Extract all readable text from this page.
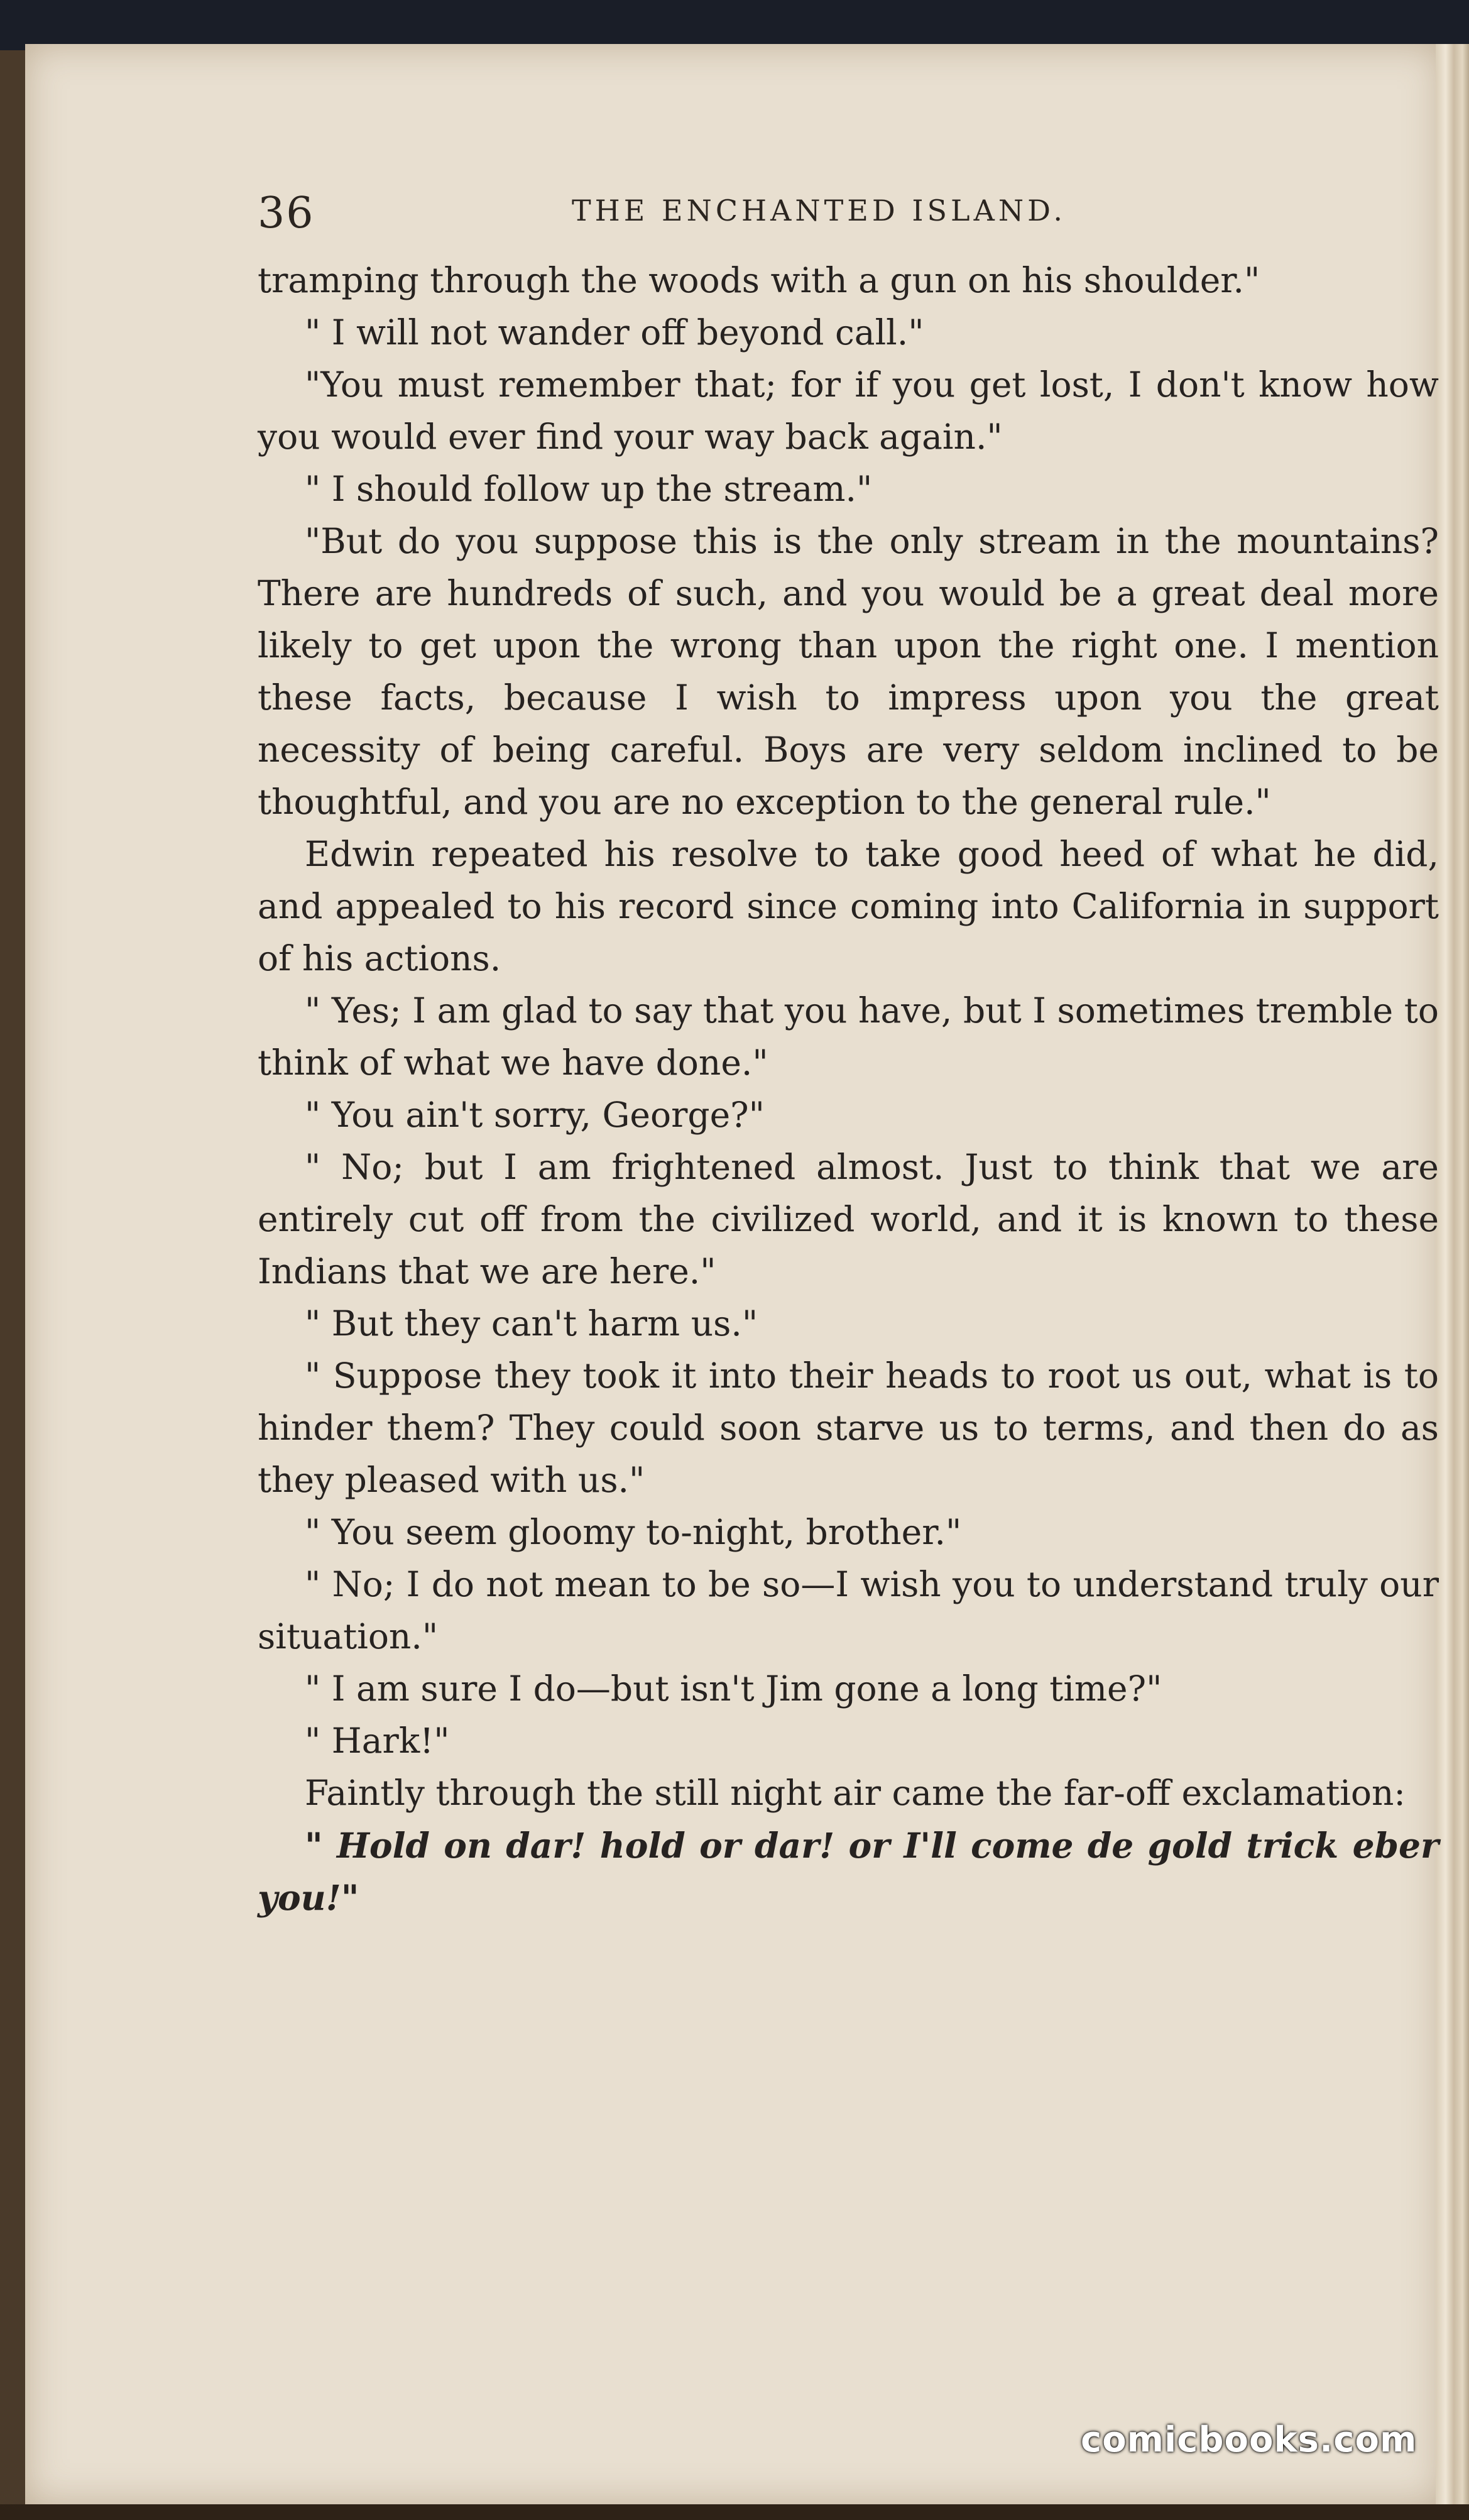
36	THE ENCHANTED ISLAND.

tramping through the woods with a gun on his shoulder."

" I will not wander off beyond call."

"You must remember that; for if you get lost, I don't know how you would ever find your way back again."

" I should follow up the stream."

"But do you suppose this is the only stream in the mountains? There are hundreds of such, and you would be a great deal more likely to get upon the wrong than upon the right one. I mention these facts, because I wish to impress upon you the great necessity of being careful. Boys are very seldom inclined to be thoughtful, and you are no exception to the general rule."

Edwin repeated his resolve to take good heed of what he did, and appealed to his record since coming into California in support of his actions.

" Yes; I am glad to say that you have, but I sometimes tremble to think of what we have done."

" You ain't sorry, George?"

" No; but I am frightened almost. Just to think that we are entirely cut off from the civilized world, and it is known to these Indians that we are here."

" But they can't harm us."

" Suppose they took it into their heads to root us out, what is to hinder them? They could soon starve us to terms, and then do as they pleased with us."

" You seem gloomy to-night, brother."

" No; I do not mean to be so—I wish you to understand truly our situation."

" I am sure I do—but isn't Jim gone a long time?"

" Hark!"

Faintly through the still night air came the far-off exclamation:

" Hold on dar! hold or dar! or I'll come de gold trick eber you!"

comicbooks.com
